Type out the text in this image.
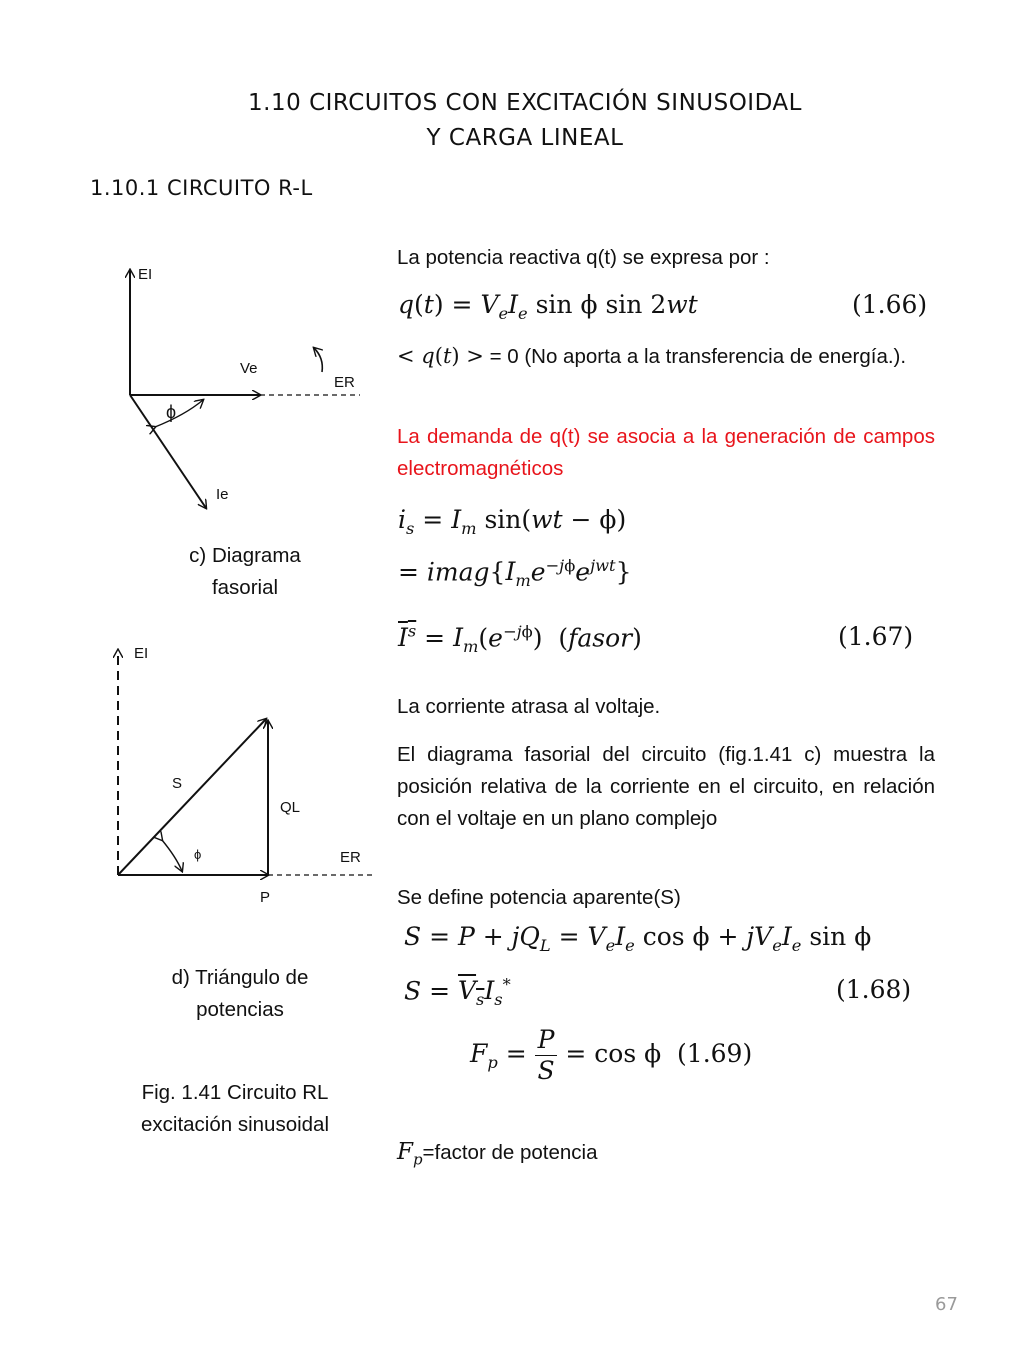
1.10 CIRCUITOS CON EXCITACIÓN SINUSOIDAL
Y CARGA LINEAL
1.10.1 CIRCUITO R-L
EI
Ve
ER
ϕ
Ie
c) Diagrama
fasorial
EI
S
QL
ϕ	ER
P
d) Triángulo de
potencias
Fig. 1.41 Circuito RL
excitación sinusoidal
La potencia reactiva q(t) se expresa por :
$q(t) = V_eI_e$ sin ϕ sin 2wt	(1.66)
< q(t) > = 0 (No aporta a la transferencia de energía.).
La demanda de q(t) se asocia a la generación de campos electromagnéticos
$i_s = I_m$ sin(wt − ϕ)
= $imag\{I_me^{-j\phi}e^{jwt}\}$
$I^s = I_m(e^{-j\phi})$  (fasor)	(1.67)
La corriente atrasa al voltaje.
El diagrama fasorial del circuito (fig.1.41 c) muestra la posición relativa de la corriente en el circuito, en relación con el voltaje en un plano complejo
Se define potencia aparente(S)
$S = P + jQ_L = V_eI_e$ $\cos \phi + jV_eI_e$ sin ϕ
$S = V_sI_s^*$	(1.68)
$F_p = \frac{P}{S} = \cos \phi$  (1.69)
$F_p=factor$ de potencia
67
